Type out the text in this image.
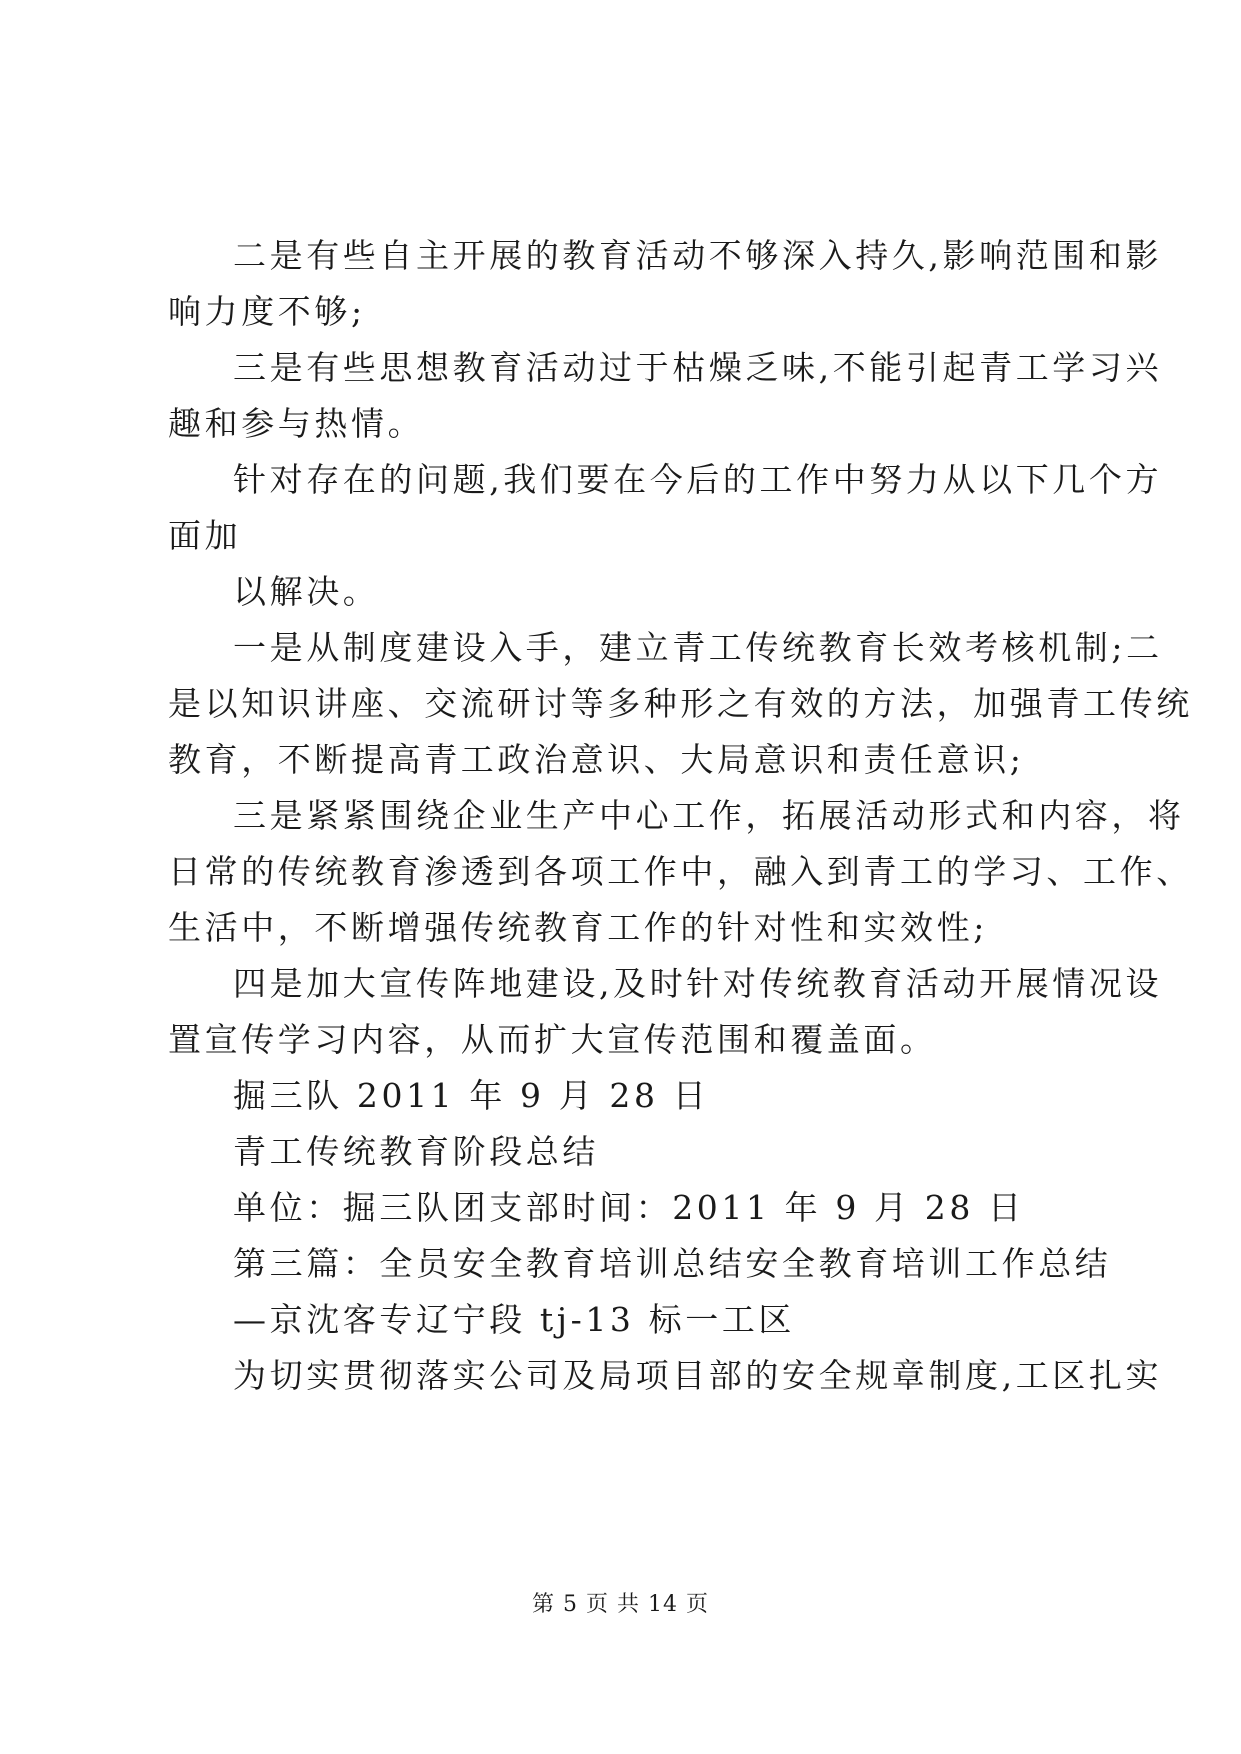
二是有些自主开展的教育活动不够深入持久,影响范围和影
响力度不够;
三是有些思想教育活动过于枯燥乏味,不能引起青工学习兴
趣和参与热情。
针对存在的问题,我们要在今后的工作中努力从以下几个方
面加
以解决。
一是从制度建设入手，建立青工传统教育长效考核机制;二
是以知识讲座、交流研讨等多种形之有效的方法，加强青工传统
教育，不断提高青工政治意识、大局意识和责任意识;
三是紧紧围绕企业生产中心工作，拓展活动形式和内容，将
日常的传统教育渗透到各项工作中，融入到青工的学习、工作、
生活中，不断增强传统教育工作的针对性和实效性;
四是加大宣传阵地建设,及时针对传统教育活动开展情况设
置宣传学习内容，从而扩大宣传范围和覆盖面。
掘三队 2011 年 9 月 28 日
青工传统教育阶段总结
单位：掘三队团支部时间：2011 年 9 月 28 日
第三篇：全员安全教育培训总结安全教育培训工作总结
—京沈客专辽宁段 tj-13 标一工区
为切实贯彻落实公司及局项目部的安全规章制度,工区扎实
第 5 页 共 14 页
